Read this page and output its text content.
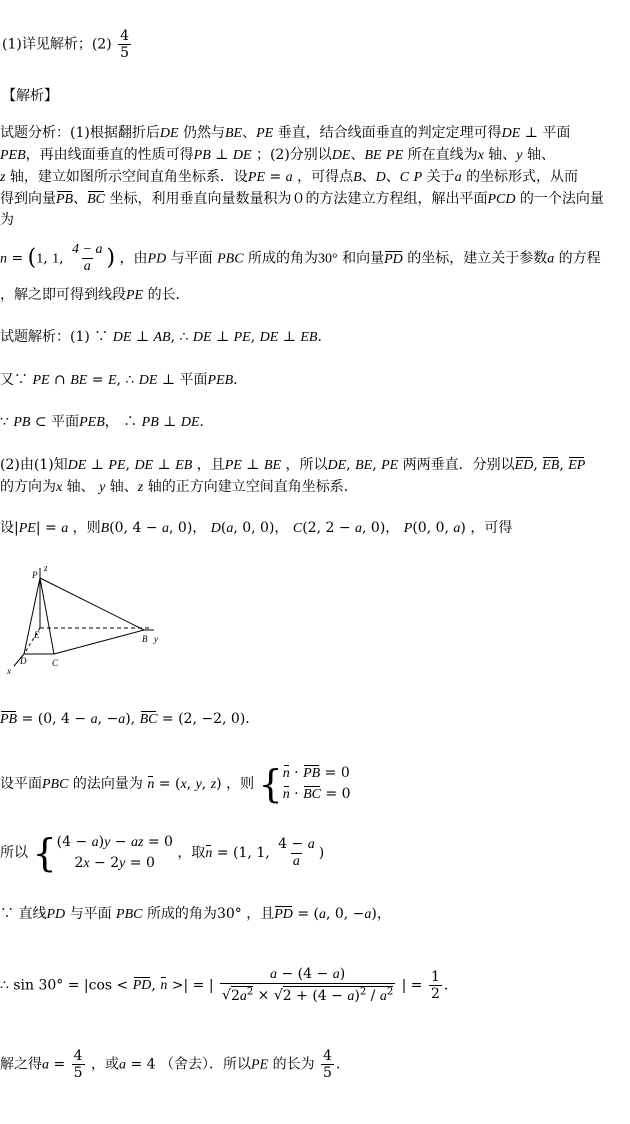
(1)详见解析；$(2) \frac{4}{5}$
【解析】
试题分析：(1)根据翻折后DE 仍然与BE、PE 垂直，结合线面垂直的判定定理可得DE ⊥ 平面
PEB，再由线面垂直的性质可得PB ⊥ DE ；(2)分别以DE、BE PE 所在直线为x 轴、y 轴、
z 轴，建立如图所示空间直角坐标系．设PE = a ，可得点B、D、C P 关于a 的坐标形式，从而
得到向量PB、BC 坐标，利用垂直向量数量积为０的方法建立方程组，解出平面PCD 的一个法向量
为
n = (1, 1, $\frac{4 - a}{a}$ ) ，由PD 与平面 PBC 所成的角为30° 和向量PD 的坐标，建立关于参数a 的方程
，解之即可得到线段PE 的长．
试题解析：(1) ∵ DE ⊥ AB, ∴ DE ⊥ PE, DE ⊥ EB．
又∵ PE ∩ BE = E, ∴ DE ⊥ 平面PEB．
∵ PB ⊂ 平面PEB， ∴ PB ⊥ DE．
(2)由(1)知DE ⊥ PE, DE ⊥ EB ，且PE ⊥ BE ，所以DE, BE, PE 两两垂直．分别以ED, EB, EP
的方向为x 轴、 y 轴、z 轴的正方向建立空间直角坐标系．
设|PE| = a ，则B(0, 4 − a, 0)， D(a, 0, 0)， C(2, 2 − a, 0)， P(0, 0, a) ，可得
P
z
E
D	C
B y
x
PB = (0, 4 − a, −a), BC = (2, −2, 0)．
设平面PBC 的法向量为 n = (x, y, z) ，则 { n · PB = 0
n · BC = 0
所以 { (4 − a)y − az = 0
2x − 2y = 0
，取n = (1, 1, $\frac{4 - a}{a}$ )
∵ 直线PD 与平面 PBC 所成的角为30° ，且PD = (a, 0, −a)，
∴ sin 30° = |cos < PD, n >| = | $\frac{a - (4 - a)}{√2a^2 \times √2 + (4 - a)^2 / a^2}$ | = $\frac{1}{2}$ ．
解之得$a = \frac{4}{5}$ ，或a = 4 （舍去）．所以PE 的长为 $\frac{4}{5}$ ．
